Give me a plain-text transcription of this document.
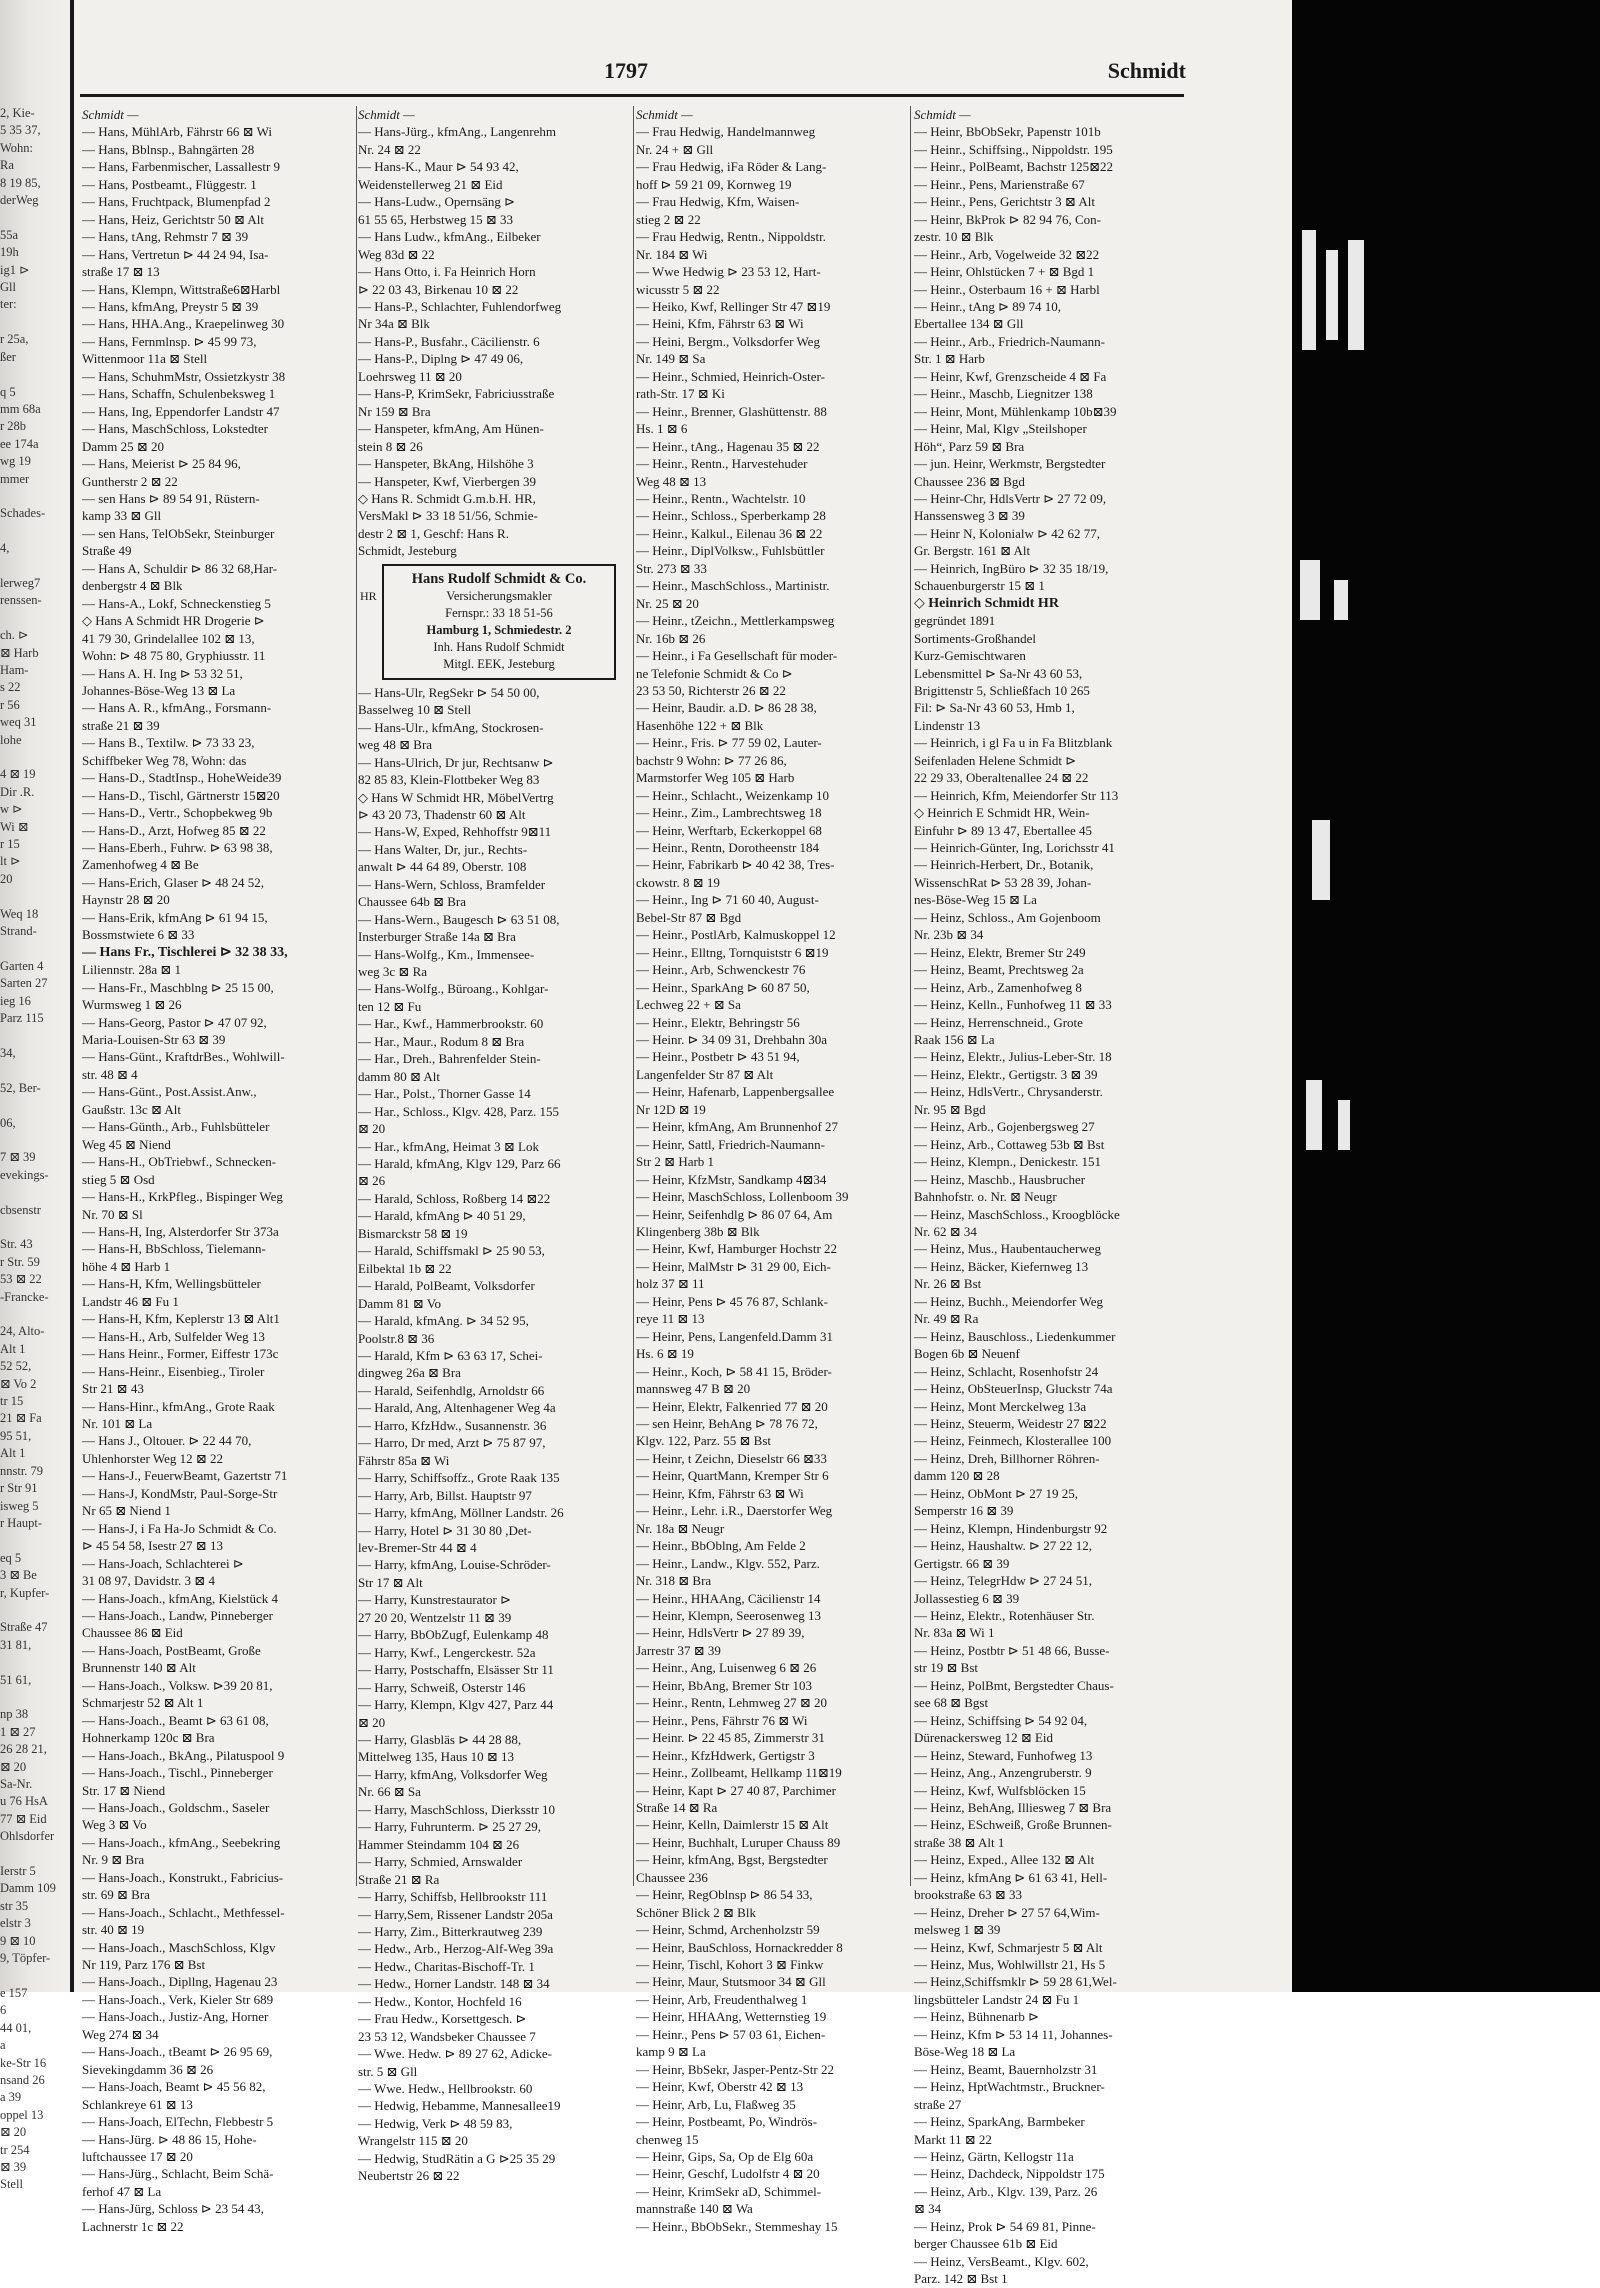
2, Kie-
5 35 37,
Wohn:
Ra
8 19 85,
derWeg

55a
19h
ig1 ⊳
Gll
ter:

r 25a,
ßer

q 5
mm 68a
r 28b
ee 174a
wg 19
mmer

Schades-

4,

lerweg7
renssen-

ch. ⊳
⊠ Harb
Ham-
s 22
r 56
weq 31
lohe

4 ⊠ 19
Dir .R.
w ⊳
Wi ⊠
r 15
lt ⊳
20

Weq 18
Strand-

Garten 4
Sarten 27
ieg 16
Parz 115

34,

52, Ber-

06,

7 ⊠ 39
evekings-

cbsenstr

Str. 43
r Str. 59
53 ⊠ 22
-Francke-

24, Alto-
Alt 1
52 52,
⊠ Vo 2
tr 15
21 ⊠ Fa
95 51,
Alt 1
nnstr. 79
r Str 91
isweg 5
r Haupt-

eq 5
3 ⊠ Be
r, Kupfer-

Straße 47
31 81,

51 61,

np 38
1 ⊠ 27
26 28 21,
⊠ 20
Sa-Nr.
u 76 HsA
77 ⊠ Eid
Ohlsdorfer

Ierstr 5
Damm 109
str 35
elstr 3
9 ⊠ 10
9, Töpfer-

e 157
6
44 01,
a
ke-Str 16
nsand 26
a 39
oppel 13
⊠ 20
tr 254
⊠ 39
Stell
1797	Schmidt
Schmidt —
— Hans, MühlArb, Fährstr 66 ⊠ Wi
— Hans, Bblnsp., Bahngärten 28
— Hans, Farbenmischer, Lassallestr 9
— Hans, Postbeamt., Flüggestr. 1
— Hans, Fruchtpack, Blumenpfad 2
— Hans, Heiz, Gerichtstr 50 ⊠ Alt
— Hans, tAng, Rehmstr 7 ⊠ 39
— Hans, Vertretun ⊳ 44 24 94, Isa-
straße 17 ⊠ 13
— Hans, Klempn, Wittstraße6⊠Harbl
— Hans, kfmAng, Preystr 5 ⊠ 39
— Hans, HHA.Ang., Kraepelinweg 30
— Hans, Fernmlnsp. ⊳ 45 99 73,
Wittenmoor 11a ⊠ Stell
— Hans, SchuhmMstr, Ossietzkystr 38
— Hans, Schaffn, Schulenbeksweg 1
— Hans, Ing, Eppendorfer Landstr 47
— Hans, MaschSchloss, Lokstedter
Damm 25 ⊠ 20
— Hans, Meierist ⊳ 25 84 96,
Guntherstr 2 ⊠ 22
— sen Hans ⊳ 89 54 91, Rüstern-
kamp 33 ⊠ Gll
— sen Hans, TelObSekr, Steinburger
Straße 49
— Hans A, Schuldir ⊳ 86 32 68,Har-
denbergstr 4 ⊠ Blk
— Hans-A., Lokf, Schneckenstieg 5
◇ Hans A Schmidt HR Drogerie ⊳
41 79 30, Grindelallee 102 ⊠ 13,
Wohn: ⊳ 48 75 80, Gryphiusstr. 11
— Hans A. H. Ing ⊳ 53 32 51,
Johannes-Böse-Weg 13 ⊠ La
— Hans A. R., kfmAng., Forsmann-
straße 21 ⊠ 39
— Hans B., Textilw. ⊳ 73 33 23,
Schiffbeker Weg 78, Wohn: das
— Hans-D., StadtInsp., HoheWeide39
— Hans-D., Tischl, Gärtnerstr 15⊠20
— Hans-D., Vertr., Schopbekweg 9b
— Hans-D., Arzt, Hofweg 85 ⊠ 22
— Hans-Eberh., Fuhrw. ⊳ 63 98 38,
Zamenhofweg 4 ⊠ Be
— Hans-Erich, Glaser ⊳ 48 24 52,
Haynstr 28 ⊠ 20
— Hans-Erik, kfmAng ⊳ 61 94 15,
Bossmstwiete 6 ⊠ 33
— Hans Fr., Tischlerei ⊳ 32 38 33,
Liliennstr. 28a ⊠ 1
— Hans-Fr., Maschblng ⊳ 25 15 00,
Wurmsweg 1 ⊠ 26
— Hans-Georg, Pastor ⊳ 47 07 92,
Maria-Louisen-Str 63 ⊠ 39
— Hans-Günt., KraftdrBes., Wohlwill-
str. 48 ⊠ 4
— Hans-Günt., Post.Assist.Anw.,
Gaußstr. 13c ⊠ Alt
— Hans-Günth., Arb., Fuhlsbütteler
Weg 45 ⊠ Niend
— Hans-H., ObTriebwf., Schnecken-
stieg 5 ⊠ Osd
— Hans-H., KrkPfleg., Bispinger Weg
Nr. 70 ⊠ Sl
— Hans-H, Ing, Alsterdorfer Str 373a
— Hans-H, BbSchloss, Tielemann-
höhe 4 ⊠ Harb 1
— Hans-H, Kfm, Wellingsbütteler
Landstr 46 ⊠ Fu 1
— Hans-H, Kfm, Keplerstr 13 ⊠ Alt1
— Hans-H., Arb, Sulfelder Weg 13
— Hans Heinr., Former, Eiffestr 173c
— Hans-Heinr., Eisenbieg., Tiroler
Str 21 ⊠ 43
— Hans-Hinr., kfmAng., Grote Raak
Nr. 101 ⊠ La
— Hans J., Oltouer. ⊳ 22 44 70,
Uhlenhorster Weg 12 ⊠ 22
— Hans-J., FeuerwBeamt, Gazertstr 71
— Hans-J, KondMstr, Paul-Sorge-Str
Nr 65 ⊠ Niend 1
— Hans-J, i Fa Ha-Jo Schmidt & Co.
⊳ 45 54 58, Isestr 27 ⊠ 13
— Hans-Joach, Schlachterei ⊳
31 08 97, Davidstr. 3 ⊠ 4
— Hans-Joach., kfmAng, Kielstück 4
— Hans-Joach., Landw, Pinneberger
Chaussee 86 ⊠ Eid
— Hans-Joach, PostBeamt, Große
Brunnenstr 140 ⊠ Alt
— Hans-Joach., Volksw. ⊳39 20 81,
Schmarjestr 52 ⊠ Alt 1
— Hans-Joach., Beamt ⊳ 63 61 08,
Hohnerkamp 120c ⊠ Bra
— Hans-Joach., BkAng., Pilatuspool 9
— Hans-Joach., Tischl., Pinneberger
Str. 17 ⊠ Niend
— Hans-Joach., Goldschm., Saseler
Weg 3 ⊠ Vo
— Hans-Joach., kfmAng., Seebekring
Nr. 9 ⊠ Bra
— Hans-Joach., Konstrukt., Fabricius-
str. 69 ⊠ Bra
— Hans-Joach., Schlacht., Methfessel-
str. 40 ⊠ 19
— Hans-Joach., MaschSchloss, Klgv
Nr 119, Parz 176 ⊠ Bst
— Hans-Joach., Dipllng, Hagenau 23
— Hans-Joach., Verk, Kieler Str 689
— Hans-Joach., Justiz-Ang, Horner
Weg 274 ⊠ 34
— Hans-Joach., tBeamt ⊳ 26 95 69,
Sievekingdamm 36 ⊠ 26
— Hans-Joach, Beamt ⊳ 45 56 82,
Schlankreye 61 ⊠ 13
— Hans-Joach, ElTechn, Flebbestr 5
— Hans-Jürg. ⊳ 48 86 15, Hohe-
luftchaussee 17 ⊠ 20
— Hans-Jürg., Schlacht, Beim Schä-
ferhof 47 ⊠ La
— Hans-Jürg, Schloss ⊳ 23 54 43,
Lachnerstr 1c ⊠ 22
Schmidt —
— Hans-Jürg., kfmAng., Langenrehm
Nr. 24 ⊠ 22
— Hans-K., Maur ⊳ 54 93 42,
Weidenstellerweg 21 ⊠ Eid
— Hans-Ludw., Opernsäng ⊳
61 55 65, Herbstweg 15 ⊠ 33
— Hans Ludw., kfmAng., Eilbeker
Weg 83d ⊠ 22
— Hans Otto, i. Fa Heinrich Horn
⊳ 22 03 43, Birkenau 10 ⊠ 22
— Hans-P., Schlachter, Fuhlendorfweg
Nr 34a ⊠ Blk
— Hans-P., Busfahr., Cäcilienstr. 6
— Hans-P., Diplng ⊳ 47 49 06,
Loehrsweg 11 ⊠ 20
— Hans-P, KrimSekr, Fabriciusstraße
Nr 159 ⊠ Bra
— Hanspeter, kfmAng, Am Hünen-
stein 8 ⊠ 26
— Hanspeter, BkAng, Hilshöhe 3
— Hanspeter, Kwf, Vierbergen 39
◇ Hans R. Schmidt G.m.b.H. HR,
VersMakl ⊳ 33 18 51/56, Schmie-
destr 2 ⊠ 1, Geschf: Hans R.
Schmidt, Jesteburg
HR
Hans Rudolf Schmidt & Co.
Versicherungsmakler
Fernspr.: 33 18 51-56
Hamburg 1, Schmiedestr. 2
Inh. Hans Rudolf Schmidt
Mitgl. EEK, Jesteburg
— Hans-Ulr, RegSekr ⊳ 54 50 00,
Basselweg 10 ⊠ Stell
— Hans-Ulr., kfmAng, Stockrosen-
weg 48 ⊠ Bra
— Hans-Ulrich, Dr jur, Rechtsanw ⊳
82 85 83, Klein-Flottbeker Weg 83
◇ Hans W Schmidt HR, MöbelVertrg
⊳ 43 20 73, Thadenstr 60 ⊠ Alt
— Hans-W, Exped, Rehhoffstr 9⊠11
— Hans Walter, Dr, jur., Rechts-
anwalt ⊳ 44 64 89, Oberstr. 108
— Hans-Wern, Schloss, Bramfelder
Chaussee 64b ⊠ Bra
— Hans-Wern., Baugesch ⊳ 63 51 08,
Insterburger Straße 14a ⊠ Bra
— Hans-Wolfg., Km., Immensee-
weg 3c ⊠ Ra
— Hans-Wolfg., Büroang., Kohlgar-
ten 12 ⊠ Fu
— Har., Kwf., Hammerbrookstr. 60
— Har., Maur., Rodum 8 ⊠ Bra
— Har., Dreh., Bahrenfelder Stein-
damm 80 ⊠ Alt
— Har., Polst., Thorner Gasse 14
— Har., Schloss., Klgv. 428, Parz. 155
⊠ 20
— Har., kfmAng, Heimat 3 ⊠ Lok
— Harald, kfmAng, Klgv 129, Parz 66
⊠ 26
— Harald, Schloss, Roßberg 14 ⊠22
— Harald, kfmAng ⊳ 40 51 29,
Bismarckstr 58 ⊠ 19
— Harald, Schiffsmakl ⊳ 25 90 53,
Eilbektal 1b ⊠ 22
— Harald, PolBeamt, Volksdorfer
Damm 81 ⊠ Vo
— Harald, kfmAng. ⊳ 34 52 95,
Poolstr.8 ⊠ 36
— Harald, Kfm ⊳ 63 63 17, Schei-
dingweg 26a ⊠ Bra
— Harald, Seifenhdlg, Arnoldstr 66
— Harald, Ang, Altenhagener Weg 4a
— Harro, KfzHdw., Susannenstr. 36
— Harro, Dr med, Arzt ⊳ 75 87 97,
Fährstr 85a ⊠ Wi
— Harry, Schiffsoffz., Grote Raak 135
— Harry, Arb, Billst. Hauptstr 97
— Harry, kfmAng, Möllner Landstr. 26
— Harry, Hotel ⊳ 31 30 80 ,Det-
lev-Bremer-Str 44 ⊠ 4
— Harry, kfmAng, Louise-Schröder-
Str 17 ⊠ Alt
— Harry, Kunstrestaurator ⊳
27 20 20, Wentzelstr 11 ⊠ 39
— Harry, BbObZugf, Eulenkamp 48
— Harry, Kwf., Lengerckestr. 52a
— Harry, Postschaffn, Elsässer Str 11
— Harry, Schweiß, Osterstr 146
— Harry, Klempn, Klgv 427, Parz 44
⊠ 20
— Harry, Glasbläs ⊳ 44 28 88,
Mittelweg 135, Haus 10 ⊠ 13
— Harry, kfmAng, Volksdorfer Weg
Nr. 66 ⊠ Sa
— Harry, MaschSchloss, Dierksstr 10
— Harry, Fuhrunterm. ⊳ 25 27 29,
Hammer Steindamm 104 ⊠ 26
— Harry, Schmied, Arnswalder
Straße 21 ⊠ Ra
— Harry, Schiffsb, Hellbrookstr 111
— Harry,Sem, Rissener Landstr 205a
— Harry, Zim., Bitterkrautweg 239
— Hedw., Arb., Herzog-Alf-Weg 39a
— Hedw., Charitas-Bischoff-Tr. 1
— Hedw., Horner Landstr. 148 ⊠ 34
— Hedw., Kontor, Hochfeld 16
— Frau Hedw., Korsettgesch. ⊳
23 53 12, Wandsbeker Chaussee 7
— Wwe. Hedw. ⊳ 89 27 62, Adicke-
str. 5 ⊠ Gll
— Wwe. Hedw., Hellbrookstr. 60
— Hedwig, Hebamme, Mannesallee19
— Hedwig, Verk ⊳ 48 59 83,
Wrangelstr 115 ⊠ 20
— Hedwig, StudRätin a G ⊳25 35 29
Neubertstr 26 ⊠ 22
Schmidt —
— Frau Hedwig, Handelmannweg
Nr. 24 + ⊠ Gll
— Frau Hedwig, iFa Röder & Lang-
hoff ⊳ 59 21 09, Kornweg 19
— Frau Hedwig, Kfm, Waisen-
stieg 2 ⊠ 22
— Frau Hedwig, Rentn., Nippoldstr.
Nr. 184 ⊠ Wi
— Wwe Hedwig ⊳ 23 53 12, Hart-
wicusstr 5 ⊠ 22
— Heiko, Kwf, Rellinger Str 47 ⊠19
— Heini, Kfm, Fährstr 63 ⊠ Wi
— Heini, Bergm., Volksdorfer Weg
Nr. 149 ⊠ Sa
— Heinr., Schmied, Heinrich-Oster-
rath-Str. 17 ⊠ Ki
— Heinr., Brenner, Glashüttenstr. 88
Hs. 1 ⊠ 6
— Heinr., tAng., Hagenau 35 ⊠ 22
— Heinr., Rentn., Harvestehuder
Weg 48 ⊠ 13
— Heinr., Rentn., Wachtelstr. 10
— Heinr., Schloss., Sperberkamp 28
— Heinr., Kalkul., Eilenau 36 ⊠ 22
— Heinr., DiplVolksw., Fuhlsbüttler
Str. 273 ⊠ 33
— Heinr., MaschSchloss., Martinistr.
Nr. 25 ⊠ 20
— Heinr., tZeichn., Mettlerkampsweg
Nr. 16b ⊠ 26
— Heinr., i Fa Gesellschaft für moder-
ne Telefonie Schmidt & Co ⊳
23 53 50, Richterstr 26 ⊠ 22
— Heinr, Baudir. a.D. ⊳ 86 28 38,
Hasenhöhe 122 + ⊠ Blk
— Heinr., Fris. ⊳ 77 59 02, Lauter-
bachstr 9 Wohn: ⊳ 77 26 86,
Marmstorfer Weg 105 ⊠ Harb
— Heinr., Schlacht., Weizenkamp 10
— Heinr., Zim., Lambrechtsweg 18
— Heinr, Werftarb, Eckerkoppel 68
— Heinr., Rentn, Dorotheenstr 184
— Heinr, Fabrikarb ⊳ 40 42 38, Tres-
ckowstr. 8 ⊠ 19
— Heinr., Ing ⊳ 71 60 40, August-
Bebel-Str 87 ⊠ Bgd
— Heinr., PostlArb, Kalmuskoppel 12
— Heinr., Elltng, Tornquiststr 6 ⊠19
— Heinr., Arb, Schwenckestr 76
— Heinr., SparkAng ⊳ 60 87 50,
Lechweg 22 + ⊠ Sa
— Heinr., Elektr, Behringstr 56
— Heinr. ⊳ 34 09 31, Drehbahn 30a
— Heinr., Postbetr ⊳ 43 51 94,
Langenfelder Str 87 ⊠ Alt
— Heinr, Hafenarb, Lappenbergsallee
Nr 12D ⊠ 19
— Heinr, kfmAng, Am Brunnenhof 27
— Heinr, Sattl, Friedrich-Naumann-
Str 2 ⊠ Harb 1
— Heinr, KfzMstr, Sandkamp 4⊠34
— Heinr, MaschSchloss, Lollenboom 39
— Heinr, Seifenhdlg ⊳ 86 07 64, Am
Klingenberg 38b ⊠ Blk
— Heinr, Kwf, Hamburger Hochstr 22
— Heinr, MalMstr ⊳ 31 29 00, Eich-
holz 37 ⊠ 11
— Heinr, Pens ⊳ 45 76 87, Schlank-
reye 11 ⊠ 13
— Heinr, Pens, Langenfeld.Damm 31
Hs. 6 ⊠ 19
— Heinr., Koch, ⊳ 58 41 15, Bröder-
mannsweg 47 B ⊠ 20
— Heinr, Elektr, Falkenried 77 ⊠ 20
— sen Heinr, BehAng ⊳ 78 76 72,
Klgv. 122, Parz. 55 ⊠ Bst
— Heinr, t Zeichn, Dieselstr 66 ⊠33
— Heinr, QuartMann, Kremper Str 6
— Heinr, Kfm, Fährstr 63 ⊠ Wi
— Heinr., Lehr. i.R., Daerstorfer Weg
Nr. 18a ⊠ Neugr
— Heinr., BbOblng, Am Felde 2
— Heinr., Landw., Klgv. 552, Parz.
Nr. 318 ⊠ Bra
— Heinr., HHAAng, Cäcilienstr 14
— Heinr, Klempn, Seerosenweg 13
— Heinr, HdlsVertr ⊳ 27 89 39,
Jarrestr 37 ⊠ 39
— Heinr., Ang, Luisenweg 6 ⊠ 26
— Heinr, BbAng, Bremer Str 103
— Heinr., Rentn, Lehmweg 27 ⊠ 20
— Heinr., Pens, Fährstr 76 ⊠ Wi
— Heinr. ⊳ 22 45 85, Zimmerstr 31
— Heinr., KfzHdwerk, Gertigstr 3
— Heinr., Zollbeamt, Hellkamp 11⊠19
— Heinr, Kapt ⊳ 27 40 87, Parchimer
Straße 14 ⊠ Ra
— Heinr, Kelln, Daimlerstr 15 ⊠ Alt
— Heinr, Buchhalt, Luruper Chauss 89
— Heinr, kfmAng, Bgst, Bergstedter
Chaussee 236
— Heinr, RegOblnsp ⊳ 86 54 33,
Schöner Blick 2 ⊠ Blk
— Heinr, Schmd, Archenholzstr 59
— Heinr, BauSchloss, Hornackredder 8
— Heinr, Tischl, Kohort 3 ⊠ Finkw
— Heinr, Maur, Stutsmoor 34 ⊠ Gll
— Heinr, Arb, Freudenthalweg 1
— Heinr, HHAAng, Wetternstieg 19
— Heinr., Pens ⊳ 57 03 61, Eichen-
kamp 9 ⊠ La
— Heinr, BbSekr, Jasper-Pentz-Str 22
— Heinr, Kwf, Oberstr 42 ⊠ 13
— Heinr, Arb, Lu, Flaßweg 35
— Heinr, Postbeamt, Po, Windrös-
chenweg 15
— Heinr, Gips, Sa, Op de Elg 60a
— Heinr, Geschf, Ludolfstr 4 ⊠ 20
— Heinr, KrimSekr aD, Schimmel-
mannstraße 140 ⊠ Wa
— Heinr., BbObSekr., Stemmeshay 15
Schmidt —
— Heinr, BbObSekr, Papenstr 101b
— Heinr., Schiffsing., Nippoldstr. 195
— Heinr., PolBeamt, Bachstr 125⊠22
— Heinr., Pens, Marienstraße 67
— Heinr., Pens, Gerichtstr 3 ⊠ Alt
— Heinr, BkProk ⊳ 82 94 76, Con-
zestr. 10 ⊠ Blk
— Heinr., Arb, Vogelweide 32 ⊠22
— Heinr, Ohlstücken 7 + ⊠ Bgd 1
— Heinr., Osterbaum 16 + ⊠ Harbl
— Heinr., tAng ⊳ 89 74 10,
Ebertallee 134 ⊠ Gll
— Heinr., Arb., Friedrich-Naumann-
Str. 1 ⊠ Harb
— Heinr, Kwf, Grenzscheide 4 ⊠ Fa
— Heinr., Maschb, Liegnitzer 138
— Heinr, Mont, Mühlenkamp 10b⊠39
— Heinr, Mal, Klgv „Steilshoper
Höh“, Parz 59 ⊠ Bra
— jun. Heinr, Werkmstr, Bergstedter
Chaussee 236 ⊠ Bgd
— Heinr-Chr, HdlsVertr ⊳ 27 72 09,
Hanssensweg 3 ⊠ 39
— Heinr N, Kolonialw ⊳ 42 62 77,
Gr. Bergstr. 161 ⊠ Alt
— Heinrich, IngBüro ⊳ 32 35 18/19,
Schauenburgerstr 15 ⊠ 1
◇ Heinrich Schmidt HR
gegründet 1891
Sortiments-Großhandel
Kurz-Gemischtwaren
Lebensmittel ⊳ Sa-Nr 43 60 53,
Brigittenstr 5, Schließfach 10 265
Fil: ⊳ Sa-Nr 43 60 53, Hmb 1,
Lindenstr 13
— Heinrich, i gl Fa u in Fa Blitzblank
Seifenladen Helene Schmidt ⊳
22 29 33, Oberaltenallee 24 ⊠ 22
— Heinrich, Kfm, Meiendorfer Str 113
◇ Heinrich E Schmidt HR, Wein-
Einfuhr ⊳ 89 13 47, Ebertallee 45
— Heinrich-Günter, Ing, Lorichsstr 41
— Heinrich-Herbert, Dr., Botanik,
WissenschRat ⊳ 53 28 39, Johan-
nes-Böse-Weg 15 ⊠ La
— Heinz, Schloss., Am Gojenboom
Nr. 23b ⊠ 34
— Heinz, Elektr, Bremer Str 249
— Heinz, Beamt, Prechtsweg 2a
— Heinz, Arb., Zamenhofweg 8
— Heinz, Kelln., Funhofweg 11 ⊠ 33
— Heinz, Herrenschneid., Grote
Raak 156 ⊠ La
— Heinz, Elektr., Julius-Leber-Str. 18
— Heinz, Elektr., Gertigstr. 3 ⊠ 39
— Heinz, HdlsVertr., Chrysanderstr.
Nr. 95 ⊠ Bgd
— Heinz, Arb., Gojenbergsweg 27
— Heinz, Arb., Cottaweg 53b ⊠ Bst
— Heinz, Klempn., Denickestr. 151
— Heinz, Maschb., Hausbrucher
Bahnhofstr. o. Nr. ⊠ Neugr
— Heinz, MaschSchloss., Kroogblöcke
Nr. 62 ⊠ 34
— Heinz, Mus., Haubentaucherweg
— Heinz, Bäcker, Kiefernweg 13
Nr. 26 ⊠ Bst
— Heinz, Buchh., Meiendorfer Weg
Nr. 49 ⊠ Ra
— Heinz, Bauschloss., Liedenkummer
Bogen 6b ⊠ Neuenf
— Heinz, Schlacht, Rosenhofstr 24
— Heinz, ObSteuerInsp, Gluckstr 74a
— Heinz, Mont Merckelweg 13a
— Heinz, Steuerm, Weidestr 27 ⊠22
— Heinz, Feinmech, Klosterallee 100
— Heinz, Dreh, Billhorner Röhren-
damm 120 ⊠ 28
— Heinz, ObMont ⊳ 27 19 25,
Semperstr 16 ⊠ 39
— Heinz, Klempn, Hindenburgstr 92
— Heinz, Haushaltw. ⊳ 27 22 12,
Gertigstr. 66 ⊠ 39
— Heinz, TelegrHdw ⊳ 27 24 51,
Jollassestieg 6 ⊠ 39
— Heinz, Elektr., Rotenhäuser Str.
Nr. 83a ⊠ Wi 1
— Heinz, Postbtr ⊳ 51 48 66, Busse-
str 19 ⊠ Bst
— Heinz, PolBmt, Bergstedter Chaus-
see 68 ⊠ Bgst
— Heinz, Schiffsing ⊳ 54 92 04,
Dürenackersweg 12 ⊠ Eid
— Heinz, Steward, Funhofweg 13
— Heinz, Ang., Anzengruberstr. 9
— Heinz, Kwf, Wulfsblöcken 15
— Heinz, BehAng, Illiesweg 7 ⊠ Bra
— Heinz, ESchweiß, Große Brunnen-
straße 38 ⊠ Alt 1
— Heinz, Exped., Allee 132 ⊠ Alt
— Heinz, kfmAng ⊳ 61 63 41, Hell-
brookstraße 63 ⊠ 33
— Heinz, Dreher ⊳ 27 57 64,Wim-
melsweg 1 ⊠ 39
— Heinz, Kwf, Schmarjestr 5 ⊠ Alt
— Heinz, Mus, Wohlwillstr 21, Hs 5
— Heinz,Schiffsmklr ⊳ 59 28 61,Wel-
lingsbütteler Landstr 24 ⊠ Fu 1
— Heinz, Bühnenarb ⊳
— Heinz, Kfm ⊳ 53 14 11, Johannes-
Böse-Weg 18 ⊠ La
— Heinz, Beamt, Bauernholzstr 31
— Heinz, HptWachtmstr., Bruckner-
straße 27
— Heinz, SparkAng, Barmbeker
Markt 11 ⊠ 22
— Heinz, Gärtn, Kellogstr 11a
— Heinz, Dachdeck, Nippoldstr 175
— Heinz, Arb., Klgv. 139, Parz. 26
⊠ 34
— Heinz, Prok ⊳ 54 69 81, Pinne-
berger Chaussee 61b ⊠ Eid
— Heinz, VersBeamt., Klgv. 602,
Parz. 142 ⊠ Bst 1
